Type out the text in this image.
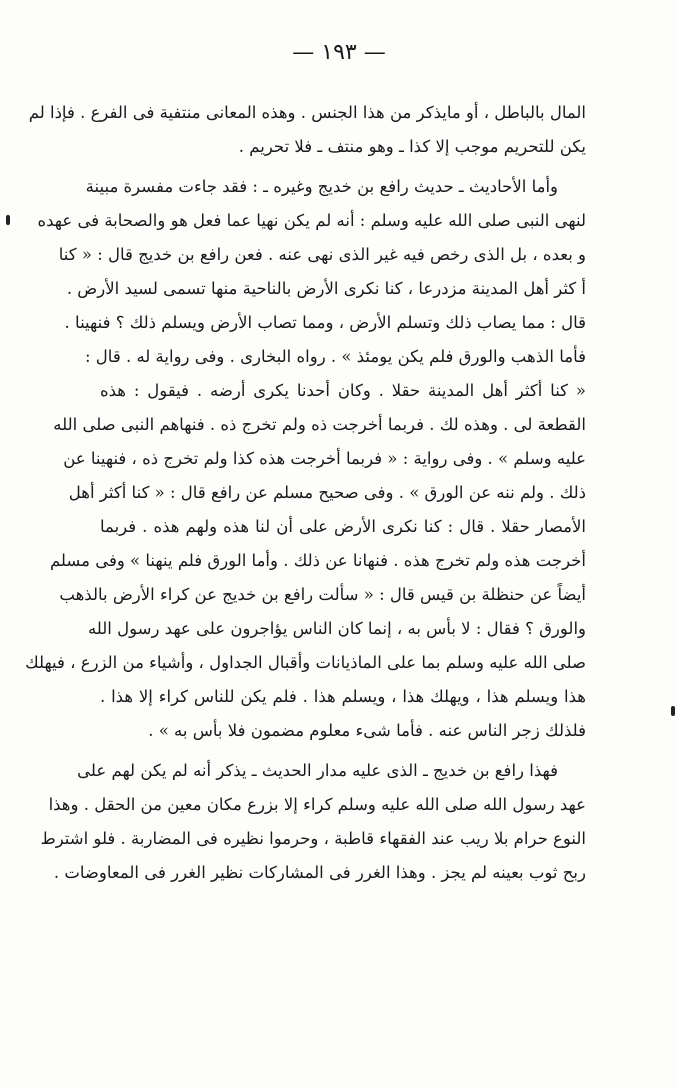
— ١٩٣ —
المال بالباطل ، أو مايذكر من هذا الجنس . وهذه المعانى منتفية فى الفرع . فإذا لم
يكن للتحريم موجب إلا كذا ـ وهو منتف ـ فلا تحريم .
وأما الأحاديث ـ حديث رافع بن خديج وغيره ـ : فقد جاءت مفسرة مبينة
لنهى النبى صلى الله عليه وسلم : أنه لم يكن نهيا عما فعل هو والصحابة فى عهده
و بعده ، بل الذى رخص فيه غير الذى نهى عنه . فعن رافع بن خديج قال : « كنا
أ كثر أهل المدينة مزدرعا ، كنا نكرى الأرض بالناحية منها تسمى لسيد الأرض .
قال : مما يصاب ذلك وتسلم الأرض ، ومما تصاب الأرض ويسلم ذلك ؟ فنهينا .
فأما الذهب والورق فلم يكن يومئذ » . رواه البخارى . وفى رواية له . قال :
« كنا أكثر أهل المدينة حقلا . وكان أحدنا يكرى أرضه . فيقول : هذه
القطعة لى . وهذه لك . فربما أخرجت ذه ولم تخرج ذه . فنهاهم النبى صلى الله
عليه وسلم » . وفى رواية : « فربما أخرجت هذه كذا ولم تخرج ذه ، فنهينا عن
ذلك . ولم ننه عن الورق » . وفى صحيح مسلم عن رافع قال : « كنا أكثر أهل
الأمصار حقلا . قال : كنا نكرى الأرض على أن لنا هذه ولهم هذه . فربما
أخرجت هذه ولم تخرج هذه . فنهانا عن ذلك . وأما الورق فلم ينهنا » وفى مسلم
أيضاً عن حنظلة بن قيس قال : « سألت رافع بن خديج عن كراء الأرض بالذهب
والورق ؟ فقال : لا بأس به ، إنما كان الناس يؤاجرون على عهد رسول الله
صلى الله عليه وسلم بما على الماذيانات وأقبال الجداول ، وأشياء من الزرع ، فيهلك
هذا ويسلم هذا ، ويهلك هذا ، ويسلم هذا . فلم يكن للناس كراء إلا هذا .
فلذلك زجر الناس عنه . فأما شىء معلوم مضمون فلا بأس به » .
فهذا رافع بن خديج ـ الذى عليه مدار الحديث ـ يذكر أنه لم يكن لهم على
عهد رسول الله صلى الله عليه وسلم كراء إلا بزرع مكان معين من الحقل . وهذا
النوع حرام بلا ريب عند الفقهاء قاطبة ، وحرموا نظيره فى المضاربة . فلو اشترط
ربح ثوب بعينه لم يجز . وهذا الغرر فى المشاركات نظير الغرر فى المعاوضات .
